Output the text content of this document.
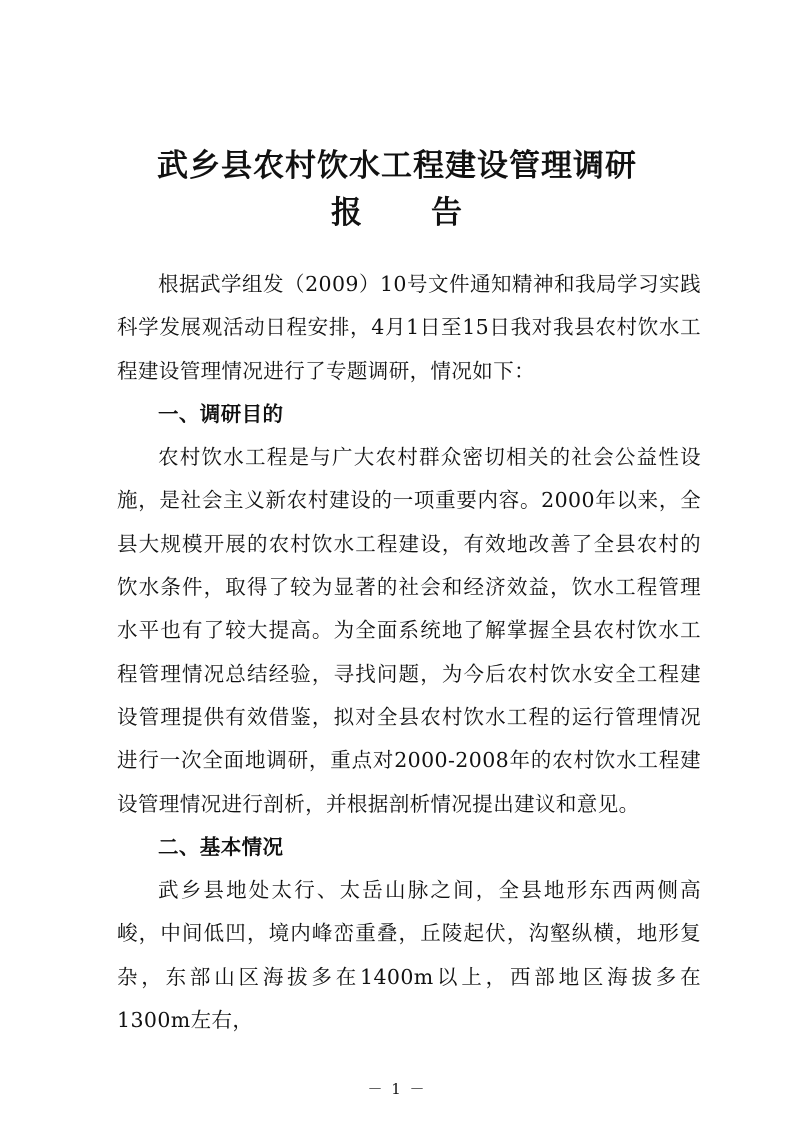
武乡县农村饮水工程建设管理调研
报 告

根据武学组发（2009）10号文件通知精神和我局学习实践科学发展观活动日程安排，4月1日至15日我对我县农村饮水工程建设管理情况进行了专题调研，情况如下：

一、调研目的

农村饮水工程是与广大农村群众密切相关的社会公益性设施，是社会主义新农村建设的一项重要内容。2000年以来，全县大规模开展的农村饮水工程建设，有效地改善了全县农村的饮水条件，取得了较为显著的社会和经济效益，饮水工程管理水平也有了较大提高。为全面系统地了解掌握全县农村饮水工程管理情况总结经验，寻找问题，为今后农村饮水安全工程建设管理提供有效借鉴，拟对全县农村饮水工程的运行管理情况进行一次全面地调研，重点对2000-2008年的农村饮水工程建设管理情况进行剖析，并根据剖析情况提出建议和意见。

二、基本情况

武乡县地处太行、太岳山脉之间，全县地形东西两侧高峻，中间低凹，境内峰峦重叠，丘陵起伏，沟壑纵横，地形复杂，东部山区海拔多在1400m以上，西部地区海拔多在1300m左右，

－ 1 －
